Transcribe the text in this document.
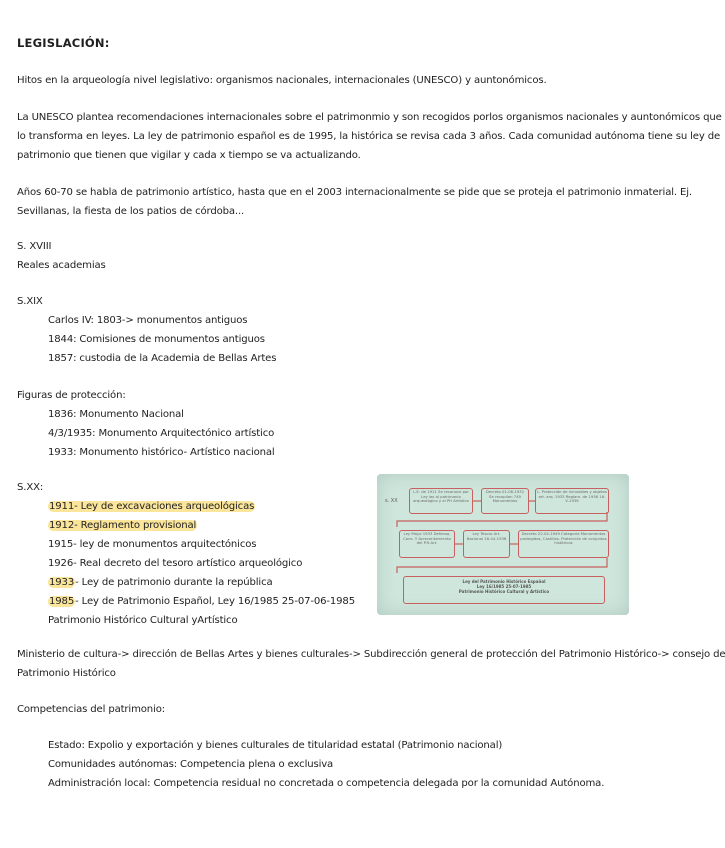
LEGISLACIÓN:
Hitos en la arqueología nivel legislativo: organismos nacionales, internacionales (UNESCO) y auntonómicos.
La UNESCO plantea recomendaciones internacionales sobre el patrimonmio y son recogidos porlos organismos nacionales y auntonómicos que
lo transforma en leyes. La ley de patrimonio español es de 1995, la histórica se revisa cada 3 años. Cada comunidad autónoma tiene su ley de
patrimonio que tienen que vigilar y cada x tiempo se va actualizando.
Años 60-70 se habla de patrimonio artístico, hasta que en el 2003 internacionalmente se pide que se proteja el patrimonio inmaterial. Ej.
Sevillanas, la fiesta de los patios de córdoba...
S. XVIII
Reales academias
S.XIX
Carlos IV: 1803-> monumentos antiguos
1844: Comisiones de monumentos antiguos
1857: custodia de la Academia de Bellas Artes
Figuras de protección:
1836: Monumento Nacional
4/3/1935: Monumento Arquitectónico artístico
1933: Monumento histórico- Artístico nacional
S.XX:
1911- Ley de excavaciones arqueológicas
1912- Reglamento provisional
1915- ley de monumentos arquitectónicos
1926- Real decreto del tesoro artístico arqueológico
1933- Ley de patrimonio durante la república
1985- Ley de Patrimonio Español, Ley 16/1985 25-07-06-1985
Patrimonio Histórico Cultural yArtístico
Ministerio de cultura-> dirección de Bellas Artes y bienes culturales-> Subdirección general de protección del Patrimonio Histórico-> consejo de
Patrimonio Histórico
Competencias del patrimonio:
Estado: Expolio y exportación y bienes culturales de titularidad estatal (Patrimonio nacional)
Comunidades autónomas: Competencia plena o exclusiva
Administración local: Competencia residual no concretada o competencia delegada por la comunidad Autónoma.
s. XX
L.E. de 1911 Se reconoce por Ley las al patrimonio arqueológico y al PH Artístico
Decreto 01-06-1931 Se recopilan 749 Monumentos
L. Protección de inmuebles y objetos art. arq. 1933 Reglam. de 1936 16-V-1936
Ley Mayo 1933 Defensa, Cons. Y Acrecentamiento del P.H.Art.
Ley Tesoro Art. Nacional 16-04-1936
Decreto 22-04-1949 Categoría Monumentos protegidos, Castillos. Protección de conjuntos históricos
Ley del Patrimonio Histórico Español
Ley 16/1985 25-07-1985
Patrimonio Histórico Cultural y Artístico
